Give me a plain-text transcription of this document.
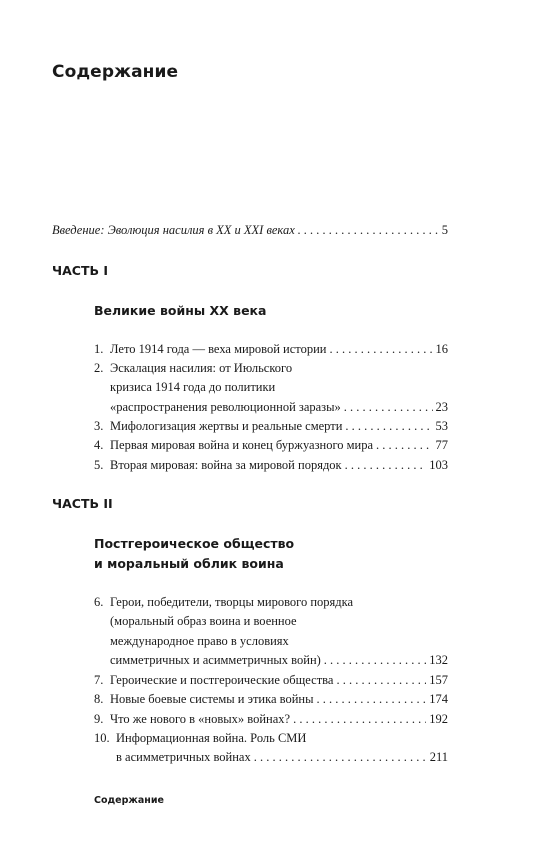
Содержание
Введение: Эволюция насилия в XX и XXI веках . . .	5
ЧАСТЬ I
Великие войны XX века
1. Лето 1914 года — веха мировой истории . . .	16
2. Эскалация насилия: от Июльского
кризиса 1914 года до политики
«распространения революционной заразы» . . .	23
3. Мифологизация жертвы и реальные смерти . . .	53
4. Первая мировая война и конец буржуазного мира . . .	77
5. Вторая мировая: война за мировой порядок . . .	103
ЧАСТЬ II
Постгероическое общество
и моральный облик воина
6. Герои, победители, творцы мирового порядка
(моральный образ воина и военное
международное право в условиях
симметричных и асимметричных войн) . . .	132
7. Героические и постгероические общества . . .	157
8. Новые боевые системы и этика войны . . .	174
9. Что же нового в «новых» войнах? . . .	192
10. Информационная война. Роль СМИ
в асимметричных войнах . . .	211
Содержание
